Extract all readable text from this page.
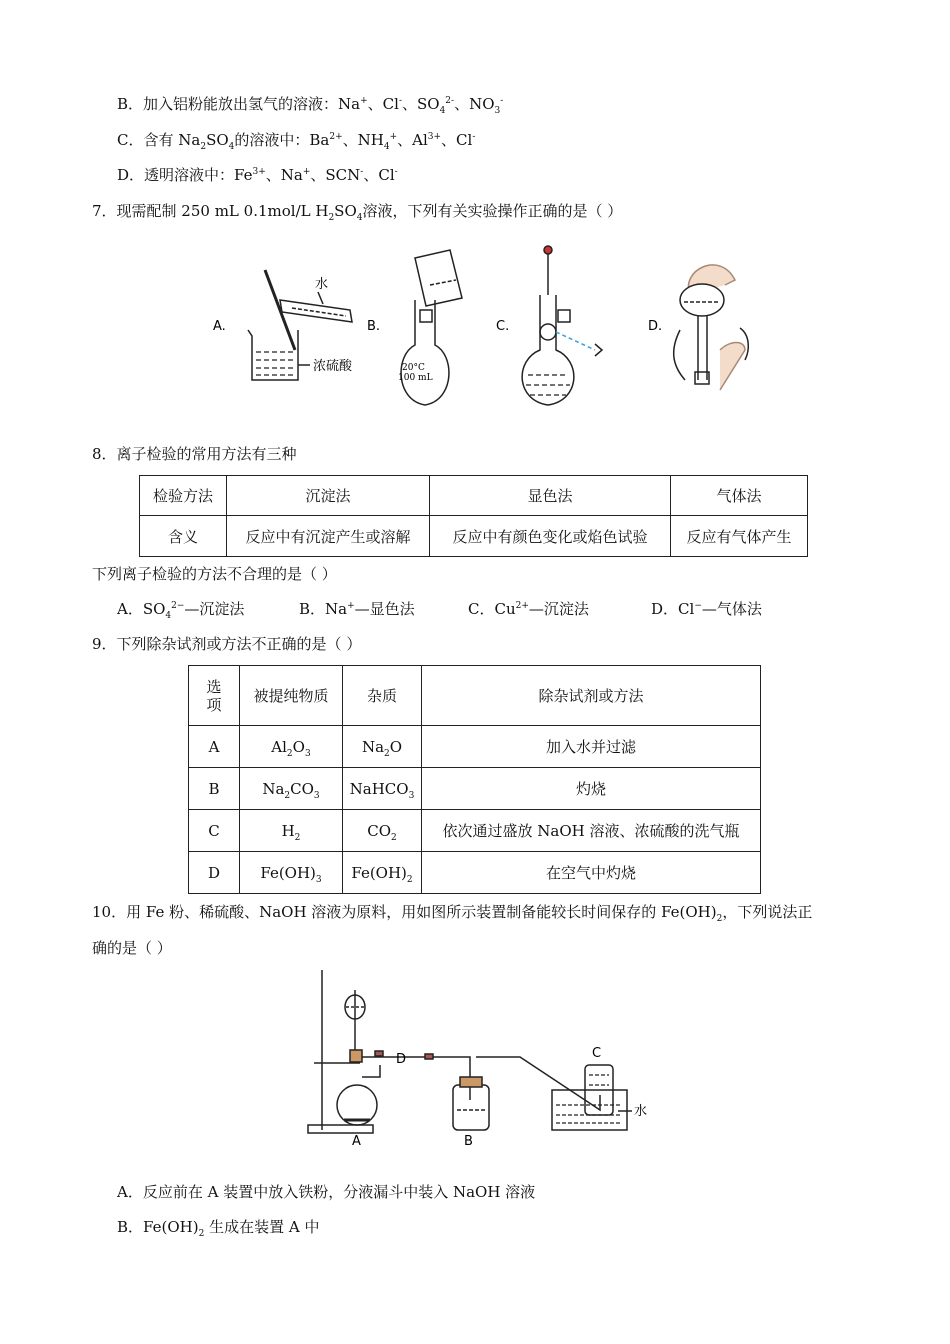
B．加入铝粉能放出氢气的溶液：Na+、Cl-、$SO_4^{2-}$、$NO_3^-$
C．含有 $Na_2SO_4$的溶液中：$Ba^{2+}$、$NH_4^+$、$Al^{3+}$、Cl-
D．透明溶液中：$Fe^{3+}$、Na+、SCN-、Cl-
7．现需配制 250 mL 0.1mol/L $H_2SO_4$溶液，下列有关实验操作正确的是（ ）
A.
水
浓硫酸
B.
20°C
100 mL
C.	D.
8．离子检验的常用方法有三种
检验方法	沉淀法	显色法	气体法
含义	反应中有沉淀产生或溶解	反应中有颜色变化或焰色试验	反应有气体产生
下列离子检验的方法不合理的是（ ）
A．$SO_4^{2-}—$沉淀法	B．Na+—显色法	C．$Cu^{2+}—$沉淀法	D．Cl−—气体法
9．下列除杂试剂或方法不正确的是（ ）
选
项	被提纯物质	杂质	除杂试剂或方法
A	$Al_2O_3$	$Na_2O$	加入水并过滤
B	$Na_2CO_3$	NaHCO$_3$	灼烧
C	$H_2$	$CO_2$	依次通过盛放 NaOH 溶液、浓硫酸的洗气瓶
D	$Fe(OH)_3$	$Fe(OH)_2$	在空气中灼烧
10．用 Fe 粉、稀硫酸、NaOH 溶液为原料，用如图所示装置制备能较长时间保存的 $Fe(OH)_2$，下列说法正
确的是（ ）
A	B
C
D
水
A．反应前在 A 装置中放入铁粉，分液漏斗中装入 NaOH 溶液
B．$Fe(OH)_2$ 生成在装置 A 中
